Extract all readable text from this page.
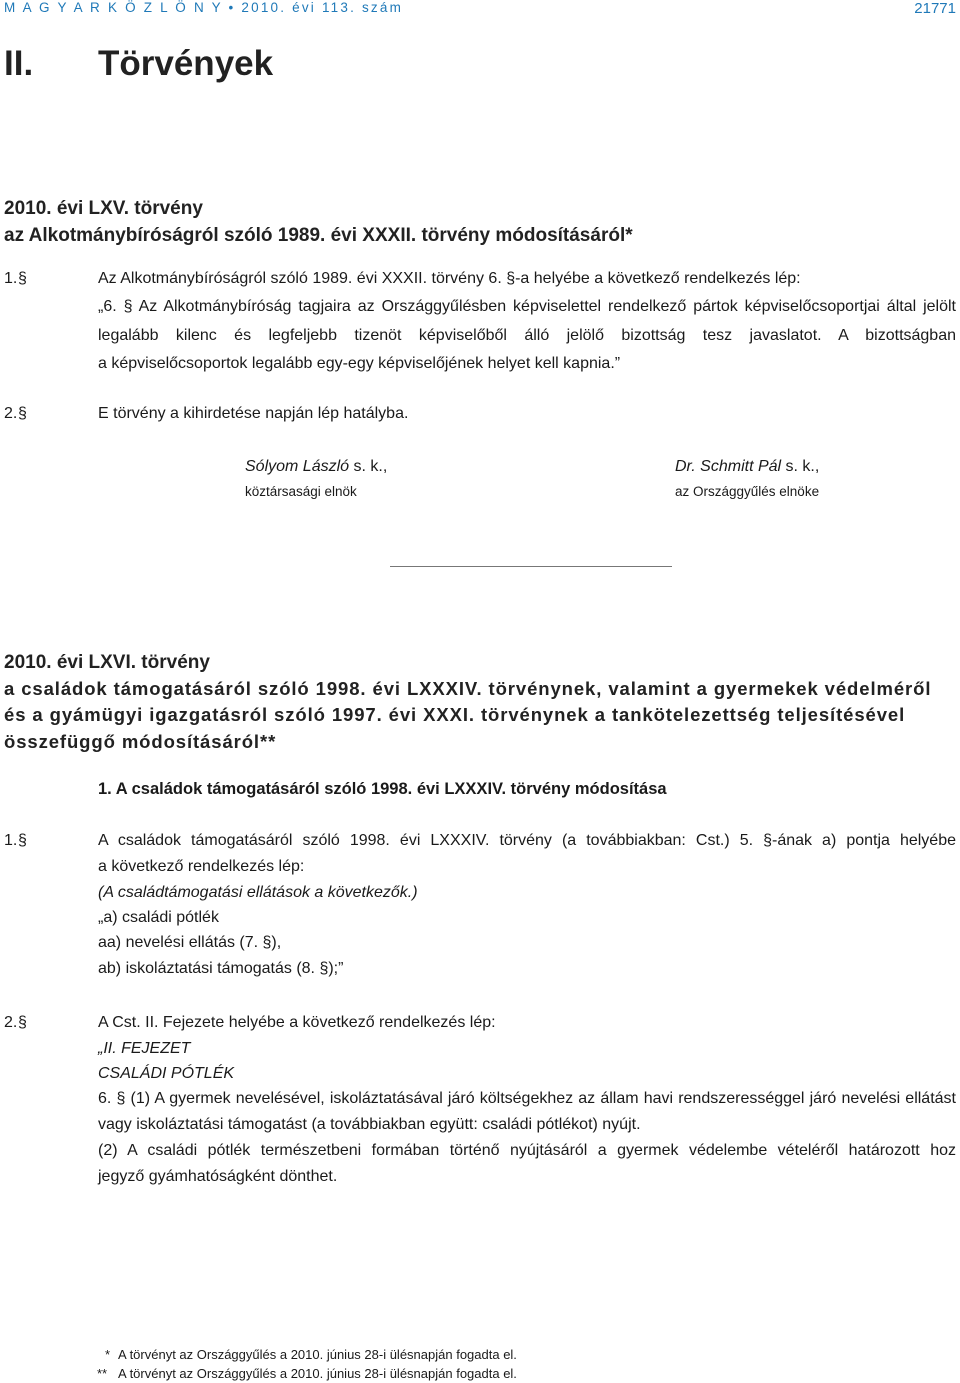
M A G Y A R K Ö Z L Ö N Y • 2010. évi 113. szám	21771
II. Törvények
2010. évi LXV. törvény
az Alkotmánybíróságról szóló 1989. évi XXXII. törvény módosításáról*
1. §	Az Alkotmánybíróságról szóló 1989. évi XXXII. törvény 6. §-a helyébe a következő rendelkezés lép:
„6. § Az Alkotmánybíróság tagjaira az Országgyűlésben képviselettel rendelkező pártok képviselőcsoportjai által jelölt
legalább kilenc és legfeljebb tizenöt képviselőből álló jelölő bizottság tesz javaslatot. A bizottságban
a képviselőcsoportok legalább egy-egy képviselőjének helyet kell kapnia.”
2. §	E törvény a kihirdetése napján lép hatályba.
Sólyom László s. k.,
köztársasági elnök
Dr. Schmitt Pál s. k.,
az Országgyűlés elnöke
2010. évi LXVI. törvény
a családok támogatásáról szóló 1998. évi LXXXIV. törvénynek, valamint a gyermekek védelméről
és a gyámügyi igazgatásról szóló 1997. évi XXXI. törvénynek a tankötelezettség teljesítésével
összefüggő módosításáról**
1. A családok támogatásáról szóló 1998. évi LXXXIV. törvény módosítása
1. §	A családok támogatásáról szóló 1998. évi LXXXIV. törvény (a továbbiakban: Cst.) 5. §-ának a) pontja helyébe
a következő rendelkezés lép:
(A családtámogatási ellátások a következők.)
„a) családi pótlék
aa) nevelési ellátás (7. §),
ab) iskoláztatási támogatás (8. §);”
2. §	A Cst. II. Fejezete helyébe a következő rendelkezés lép:
„II. FEJEZET
CSALÁDI PÓTLÉK
6. § (1) A gyermek nevelésével, iskoláztatásával járó költségekhez az állam havi rendszerességgel járó nevelési ellátást
vagy iskoláztatási támogatást (a továbbiakban együtt: családi pótlékot) nyújt.
(2) A családi pótlék természetbeni formában történő nyújtásáról a gyermek védelembe vételéről határozott hoz
jegyző gyámhatóságként dönthet.
* A törvényt az Országgyűlés a 2010. június 28-i ülésnapján fogadta el.
** A törvényt az Országgyűlés a 2010. június 28-i ülésnapján fogadta el.
